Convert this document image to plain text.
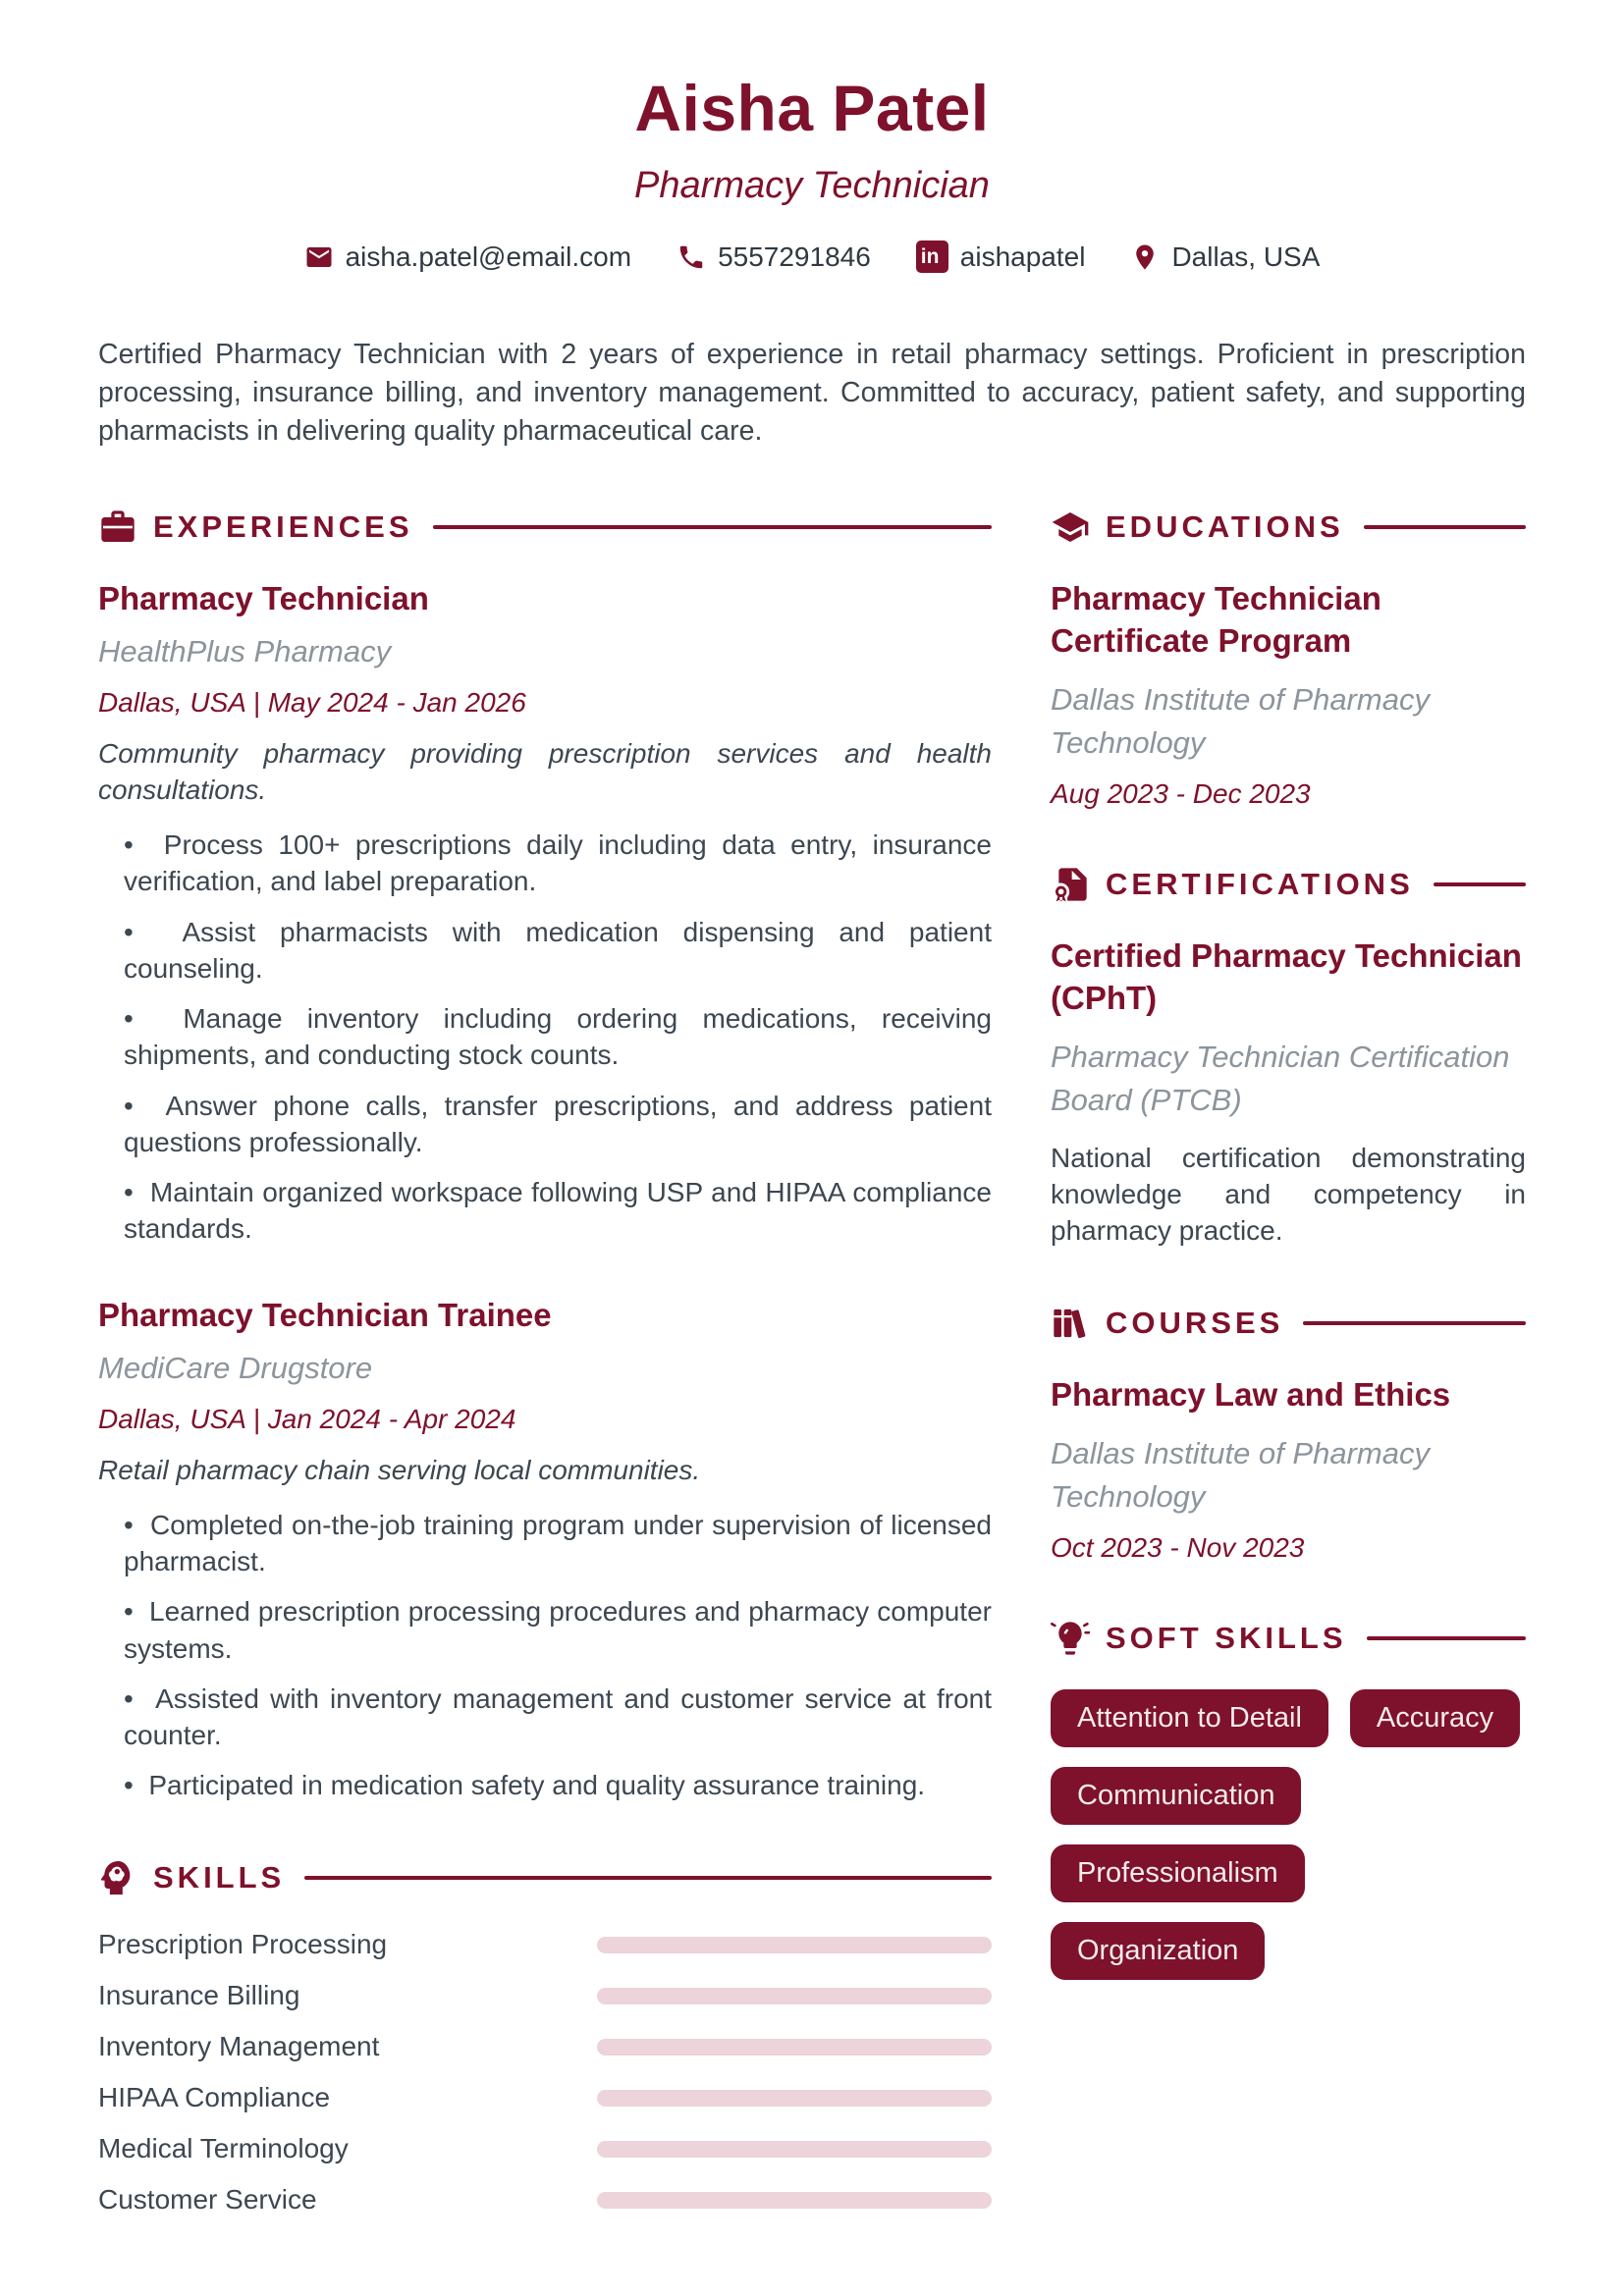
Aisha Patel
Pharmacy Technician
aisha.patel@email.com	5557291846 in	aishapatel	Dallas, USA

Certified Pharmacy Technician with 2 years of experience in retail pharmacy settings. Proficient in prescription processing, insurance billing, and inventory management. Committed to accuracy, patient safety, and supporting pharmacists in delivering quality pharmaceutical care.

EXPERIENCES
Pharmacy Technician
HealthPlus Pharmacy
Dallas, USA | May 2024 - Jan 2026
Community pharmacy providing prescription services and health consultations.
•  Process 100+ prescriptions daily including data entry, insurance verification, and label preparation.
•  Assist pharmacists with medication dispensing and patient counseling.
•  Manage inventory including ordering medications, receiving shipments, and conducting stock counts.
•  Answer phone calls, transfer prescriptions, and address patient questions professionally.
•  Maintain organized workspace following USP and HIPAA compliance standards.
Pharmacy Technician Trainee
MediCare Drugstore
Dallas, USA | Jan 2024 - Apr 2024
Retail pharmacy chain serving local communities.
•  Completed on-the-job training program under supervision of licensed pharmacist.
•  Learned prescription processing procedures and pharmacy computer systems.
•  Assisted with inventory management and customer service at front counter.
•  Participated in medication safety and quality assurance training.
SKILLS
Prescription Processing
Insurance Billing
Inventory Management
HIPAA Compliance
Medical Terminology
Customer Service
EDUCATIONS
Pharmacy Technician Certificate Program
Dallas Institute of Pharmacy Technology
Aug 2023 - Dec 2023
CERTIFICATIONS
Certified Pharmacy Technician (CPhT)
Pharmacy Technician Certification Board (PTCB)
National certification demonstrating knowledge and competency in pharmacy practice.
COURSES
Pharmacy Law and Ethics
Dallas Institute of Pharmacy Technology
Oct 2023 - Nov 2023
SOFT SKILLS
Attention to Detail	Accuracy
Communication
Professionalism
Organization
